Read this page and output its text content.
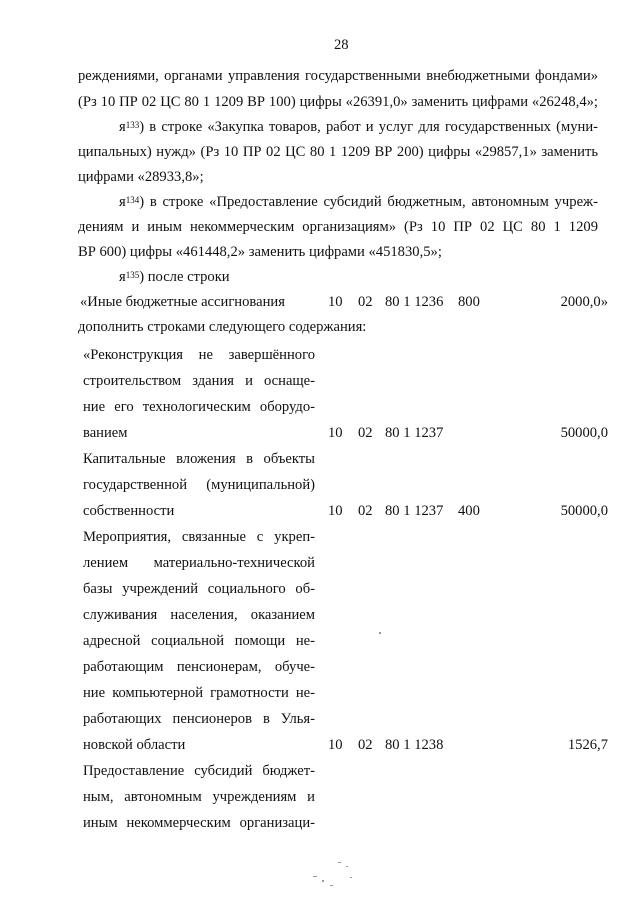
28
реждениями, органами управления государственными внебюджетными фондами»
(Рз 10 ПР 02 ЦС 80 1 1209 ВР 100) цифры «26391,0» заменить цифрами «26248,4»;
$я^{133}$) в строке «Закупка товаров, работ и услуг для государственных (муни-
ципальных) нужд» (Рз 10 ПР 02 ЦС 80 1 1209 ВР 200) цифры «29857,1» заменить
цифрами «28933,8»;
$я^{134}$) в строке «Предоставление субсидий бюджетным, автономным учреж-
дениям и иным некоммерческим организациям» (Рз 10 ПР 02 ЦС 80 1 1209
ВР 600) цифры «461448,2» заменить цифрами «451830,5»;
$я^{135}$) после строки
«Иные бюджетные ассигнования	10 02 80 1 1236 800	2000,0»
дополнить строками следующего содержания:
«Реконструкция не завершённого
строительством здания и оснаще-
ние его технологическим оборудо-
ванием	10 02 80 1 1237	50000,0
Капитальные вложения в объекты
государственной (муниципальной)
собственности	10 02 80 1 1237 400	50000,0
Мероприятия, связанные с укреп-
лением материально-технической
базы учреждений социального об-
служивания населения, оказанием
адресной социальной помощи не-
работающим пенсионерам, обуче-
ние компьютерной грамотности не-
работающих пенсионеров в Улья-
новской области	10 02 80 1 1238	1526,7
Предоставление субсидий бюджет-
ным, автономным учреждениям и
иным некоммерческим организаци-
